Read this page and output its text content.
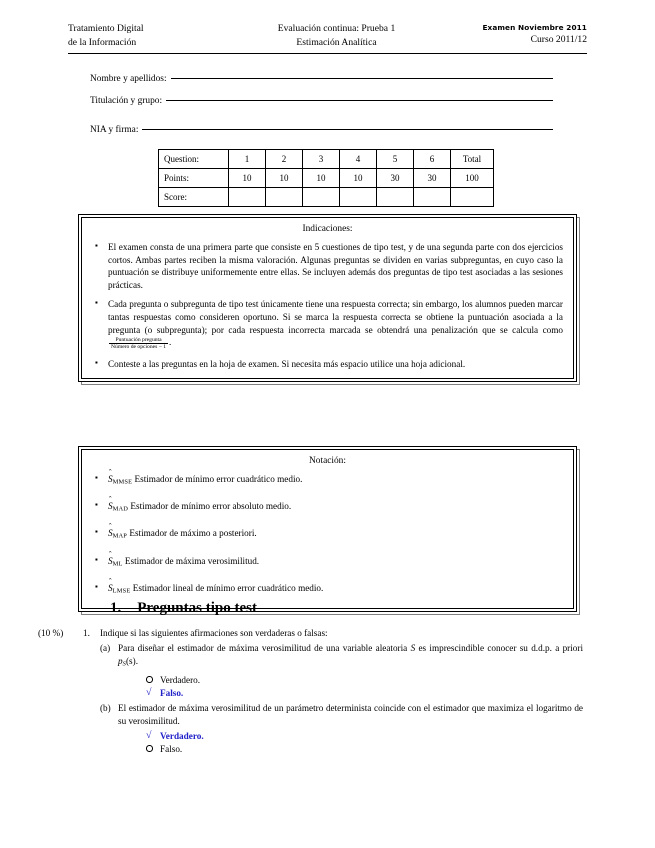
Tratamiento Digital
de la Información
Evaluación continua: Prueba 1
Estimación Analítica
Examen Noviembre 2011
Curso 2011/12
Nombre y apellidos:
Titulación y grupo:
NIA y firma:
Question:	1	2	3	4	5	6	Total
Points:	10	10	10	10	30	30	100
Score:							
Indicaciones:
▪ El examen consta de una primera parte que consiste en 5 cuestiones de tipo test, y de una segunda parte con dos ejercicios cortos. Ambas partes reciben la misma valoración. Algunas preguntas se dividen en varias subpreguntas, en cuyo caso la puntuación se distribuye uniformemente entre ellas. Se incluyen además dos preguntas de tipo test asociadas a las sesiones prácticas.
▪ Cada pregunta o subpregunta de tipo test únicamente tiene una respuesta correcta; sin embargo, los alumnos pueden marcar tantas respuestas como consideren oportuno. Si se marca la respuesta correcta se obtiene la puntuación asociada a la pregunta (o subpregunta); por cada respuesta incorrecta marcada se obtendrá una penalización que se calcula como
$\frac{\text{Puntuación pregunta}}{\text{Número de opciones − 1}}$ .
▪ Conteste a las preguntas en la hoja de examen. Si necesita más espacio utilice una hoja adicional.
Notación:
▪
$S_{MMSE}$ Estimador de mínimo error cuadrático medio.
▪
$S_{MAD}$ Estimador de mínimo error absoluto medio.
▪
$S_{MAP}$ Estimador de máximo a posteriori.
▪
$S_{ML}$ Estimador de máxima verosimilitud.
▪
$S_{LMSE}$ Estimador lineal de mínimo error cuadrático medio.
1. Preguntas tipo test
(10 %)	1.	Indique si las siguientes afirmaciones son verdaderas o falsas:
(a) Para diseñar el estimador de máxima verosimilitud de una variable aleatoria S es imprescindible conocer su d.d.p. a priori $p_S(s)$.
Verdadero.
√ Falso.
(b) El estimador de máxima verosimilitud de un parámetro determinista coincide con el estimador que maximiza el logaritmo de su verosimilitud.
√ Verdadero.
Falso.
